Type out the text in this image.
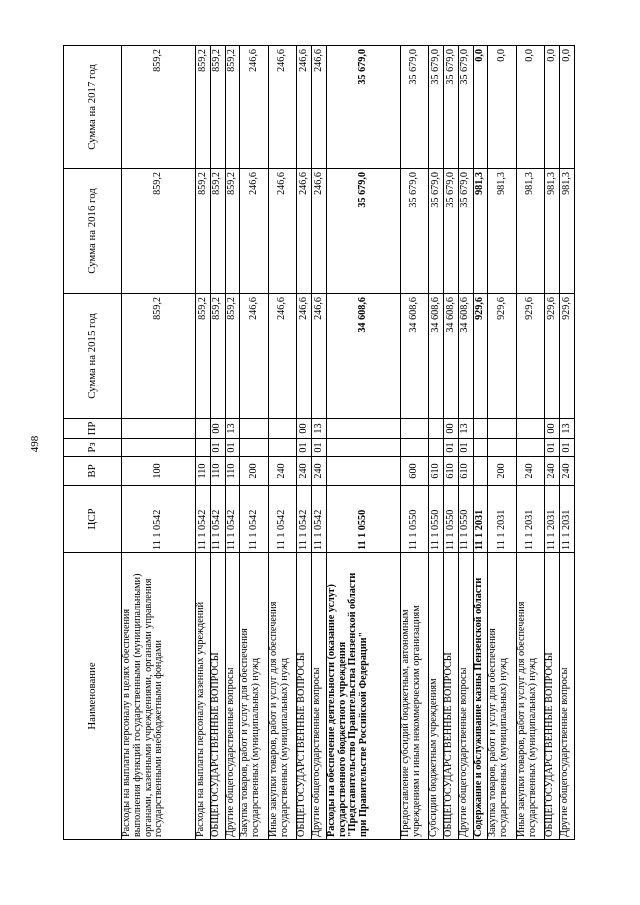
498
Наименование	ЦСР	ВР	Рз	ПР	Сумма на 2015 год	Сумма на 2016 год	Сумма на 2017 год
Расходы на выплаты персоналу в целях обеспечения выполнения функций государственными (муниципальными) органами, казенными учреждениями, органами управления государственными внебюджетными фондами	11 1 0542	100			859,2	859,2	859,2
Расходы на выплаты персоналу казенных учреждений	11 1 0542	110			859,2	859,2	859,2
ОБЩЕГОСУДАРСТВЕННЫЕ ВОПРОСЫ	11 1 0542	110	01	00	859,2	859,2	859,2
Другие общегосударственные вопросы	11 1 0542	110	01	13	859,2	859,2	859,2
Закупка товаров, работ и услуг для обеспечения государственных (муниципальных) нужд	11 1 0542	200			246,6	246,6	246,6
Иные закупки товаров, работ и услуг для обеспечения государственных (муниципальных) нужд	11 1 0542	240			246,6	246,6	246,6
ОБЩЕГОСУДАРСТВЕННЫЕ ВОПРОСЫ	11 1 0542	240	01	00	246,6	246,6	246,6
Другие общегосударственные вопросы	11 1 0542	240	01	13	246,6	246,6	246,6
Расходы на обеспечение деятельности (оказание услуг) государственного бюджетного учреждения "Представительство Правительства Пензенской области при Правительстве Российской Федерации"	11 1 0550				34 608,6	35 679,0	35 679,0
Предоставление субсидий бюджетным, автономным учреждениям и иным некоммерческим организациям	11 1 0550	600			34 608,6	35 679,0	35 679,0
Субсидии бюджетным учреждениям	11 1 0550	610			34 608,6	35 679,0	35 679,0
ОБЩЕГОСУДАРСТВЕННЫЕ ВОПРОСЫ	11 1 0550	610	01	00	34 608,6	35 679,0	35 679,0
Другие общегосударственные вопросы	11 1 0550	610	01	13	34 608,6	35 679,0	35 679,0
Содержание и обслуживание казны Пензенской области	11 1 2031				929,6	981,3	0,0
Закупка товаров, работ и услуг для обеспечения государственных (муниципальных) нужд	11 1 2031	200			929,6	981,3	0,0
Иные закупки товаров, работ и услуг для обеспечения государственных (муниципальных) нужд	11 1 2031	240			929,6	981,3	0,0
ОБЩЕГОСУДАРСТВЕННЫЕ ВОПРОСЫ	11 1 2031	240	01	00	929,6	981,3	0,0
Другие общегосударственные вопросы	11 1 2031	240	01	13	929,6	981,3	0,0
